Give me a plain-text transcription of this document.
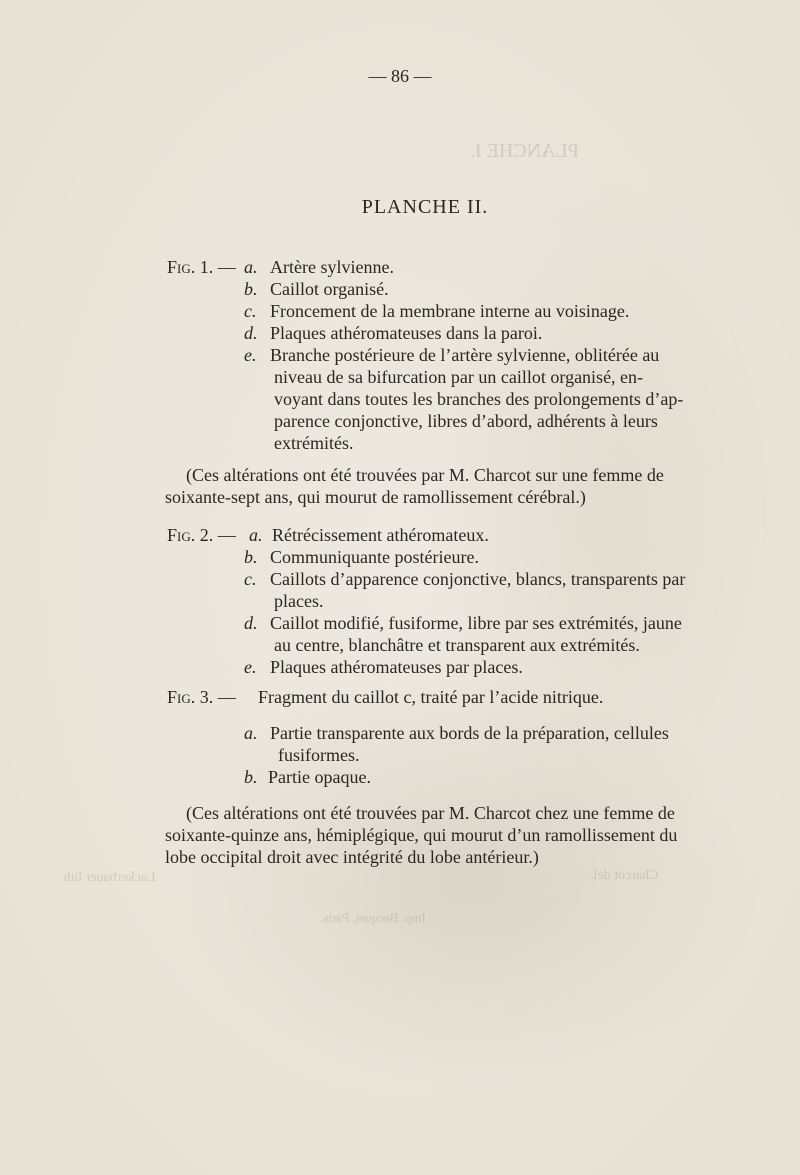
PLANCHE I.
Lackerbauer lith.	Charcot del.
Imp. Becquet, Paris.

— 86 —

PLANCHE II.
Fig. 1. — a. Artère sylvienne.
b. Caillot organisé.
c. Froncement de la membrane interne au voisinage.
d. Plaques athéromateuses dans la paroi.
e. Branche postérieure de l’artère sylvienne, oblitérée au
niveau de sa bifurcation par un caillot organisé, en-
voyant dans toutes les branches des prolongements d’ap-
parence conjonctive, libres d’abord, adhérents à leurs
extrémités.
(Ces altérations ont été trouvées par M. Charcot sur une femme de
soixante-sept ans, qui mourut de ramollissement cérébral.)
Fig. 2. — a. Rétrécissement athéromateux.
b. Communiquante postérieure.
c. Caillots d’apparence conjonctive, blancs, transparents par
places.
d. Caillot modifié, fusiforme, libre par ses extrémités, jaune
au centre, blanchâtre et transparent aux extrémités.
e. Plaques athéromateuses par places.
Fig. 3. — Fragment du caillot c, traité par l’acide nitrique.
a. Partie transparente aux bords de la préparation, cellules
fusiformes.
b. Partie opaque.
(Ces altérations ont été trouvées par M. Charcot chez une femme de
soixante-quinze ans, hémiplégique, qui mourut d’un ramollissement du
lobe occipital droit avec intégrité du lobe antérieur.)
